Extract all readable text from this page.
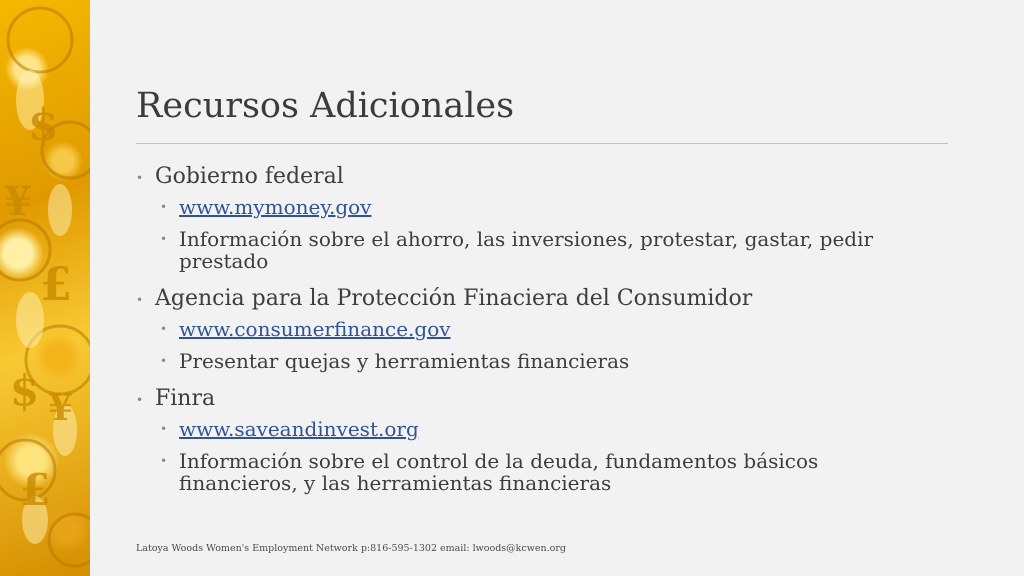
$
¥
£
$ ¥
£
Recursos Adicionales
• Gobierno federal
• www.mymoney.gov
• Información sobre el ahorro, las inversiones, protestar, gastar, pedir prestado
• Agencia para la Protección Finaciera del Consumidor
• www.consumerfinance.gov
• Presentar quejas y herramientas financieras
• Finra
• www.saveandinvest.org
• Información sobre el control de la deuda, fundamentos básicos financieros, y las herramientas financieras
Latoya Woods Women's Employment Network p:816-595-1302 email: lwoods@kcwen.org
